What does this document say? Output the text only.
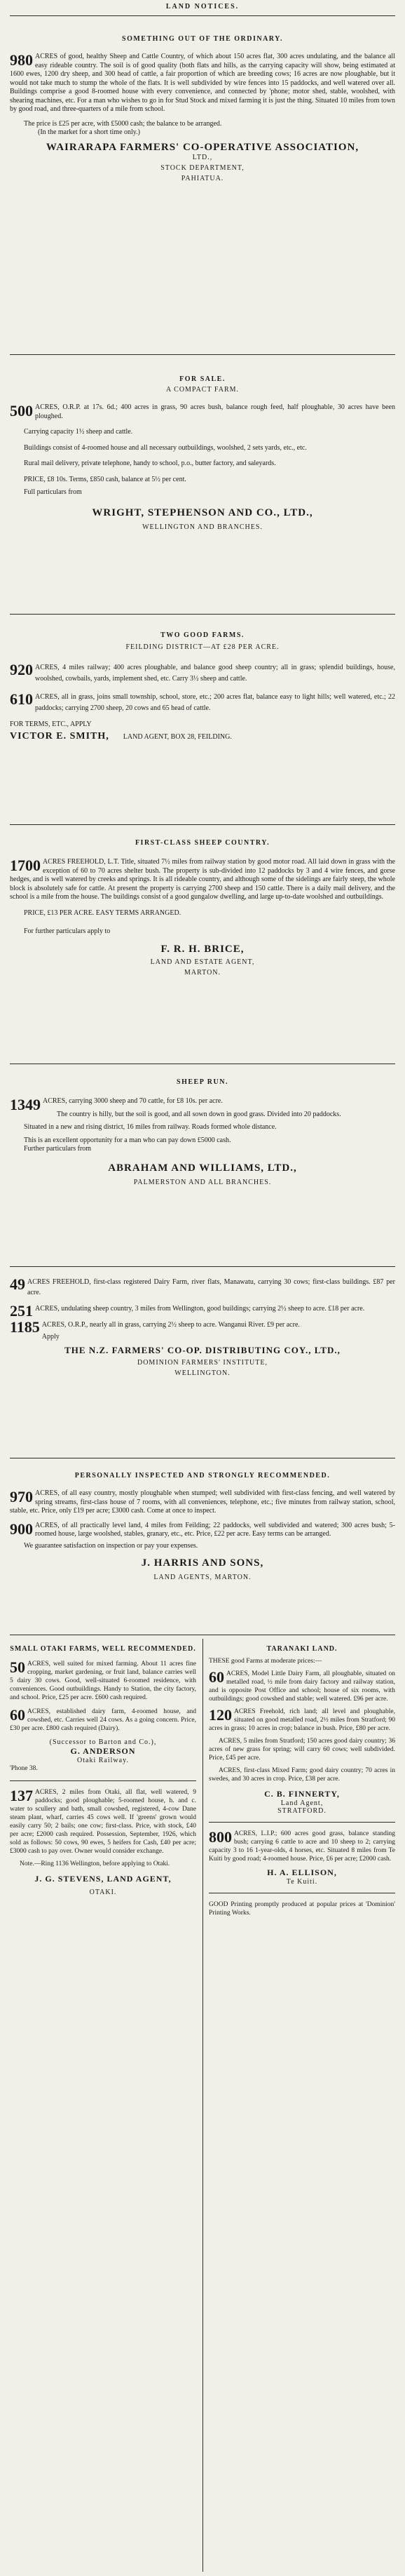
LAND NOTICES.
SOMETHING OUT OF THE ORDINARY.

980 ACRES of good, healthy Sheep and Cattle Country, of which about 150 acres flat, 300 acres undulating, and the balance all easy rideable country. The soil is of good quality (both flats and hills, as the carrying capacity will show, being estimated at 1600 ewes, 1200 dry sheep, and 300 head of cattle, a fair proportion of which are breeding cows; 16 acres are now ploughable, but it would not take much to stump the whole of the flats. It is well subdivided by wire fences into 15 paddocks, and well watered over all. Buildings comprise a good 8-roomed house with every convenience, and connected by 'phone; motor shed, stable, woolshed, with shearing machines, etc. For a man who wishes to go in for Stud Stock and mixed farming it is just the thing. Situated 10 miles from town by good road, and three-quarters of a mile from school.

The price is £25 per acre, with £5000 cash; the balance to be arranged.

(In the market for a short time only.)

WAIRARAPA FARMERS' CO-OPERATIVE ASSOCIATION,
LTD.,
STOCK DEPARTMENT,
PAHIATUA.
FOR SALE.
A COMPACT FARM.

500 ACRES, O.R.P. at 17s. 6d.; 400 acres in grass, 90 acres bush, balance rough feed, half ploughable, 30 acres have been ploughed.

Carrying capacity 1½ sheep and cattle.

Buildings consist of 4-roomed house and all necessary outbuildings, woolshed, 2 sets yards, etc., etc.

Rural mail delivery, private telephone, handy to school, p.o., butter factory, and saleyards.

PRICE, £8 10s. Terms, £850 cash, balance at 5½ per cent.

Full particulars from

WRIGHT, STEPHENSON AND CO., LTD.,
WELLINGTON AND BRANCHES.
TWO GOOD FARMS.
FEILDING DISTRICT—AT £28 PER ACRE.

920 ACRES, 4 miles railway; 400 acres ploughable, and balance good sheep country; all in grass; splendid buildings, house, woolshed, cowbails, yards, implement shed, etc. Carry 3½ sheep and cattle.

610 ACRES, all in grass, joins small township, school, store, etc.; 200 acres flat, balance easy to light hills; well watered, etc.; 22 paddocks; carrying 2700 sheep, 20 cows and 65 head of cattle.

FOR TERMS, ETC., APPLY
VICTOR E. SMITH, LAND AGENT, BOX 28, FEILDING.
FIRST-CLASS SHEEP COUNTRY.

1700 ACRES FREEHOLD, L.T. Title, situated 7½ miles from railway station by good motor road. All laid down in grass with the exception of 60 to 70 acres shelter bush. The property is sub-divided into 12 paddocks by 3 and 4 wire fences, and gorse hedges, and is well watered by creeks and springs. It is all rideable country, and although some of the sidelings are fairly steep, the whole block is absolutely safe for cattle. At present the property is carrying 2700 sheep and 150 cattle. There is a daily mail delivery, and the school is a mile from the house. The buildings consist of a good gungalow dwelling, and large up-to-date woolshed and outbuildings.

PRICE, £13 PER ACRE. EASY TERMS ARRANGED.

For further particulars apply to

F. R. H. BRICE,
LAND AND ESTATE AGENT,
MARTON.
SHEEP RUN.

1349 ACRES, carrying 3000 sheep and 70 cattle, for £8 10s. per acre.

The country is hilly, but the soil is good, and all sown down in good grass. Divided into 20 paddocks.

Situated in a new and rising district, 16 miles from railway. Roads formed whole distance.

This is an excellent opportunity for a man who can pay down £5000 cash.

Further particulars from

ABRAHAM AND WILLIAMS, LTD.,
PALMERSTON AND ALL BRANCHES.

49 ACRES FREEHOLD, first-class registered Dairy Farm, river flats, Manawatu, carrying 30 cows; first-class buildings. £87 per acre.

251 ACRES, undulating sheep country, 3 miles from Wellington, good buildings; carrying 2½ sheep to acre. £18 per acre.

1185 ACRES, O.R.P., nearly all in grass, carrying 2½ sheep to acre. Wanganui River. £9 per acre.

Apply

THE N.Z. FARMERS' CO-OP. DISTRIBUTING COY., LTD.,
DOMINION FARMERS' INSTITUTE,
WELLINGTON.
PERSONALLY INSPECTED AND STRONGLY RECOMMENDED.

970 ACRES, of all easy country, mostly ploughable when stumped; well subdivided with first-class fencing, and well watered by spring streams, first-class house of 7 rooms, with all conveniences, telephone, etc.; five minutes from railway station, school, stable, etc. Price, only £19 per acre; £3000 cash. Come at once to inspect.

900 ACRES, of all practically level land, 4 miles from Feilding; 22 paddocks, well subdivided and watered; 300 acres bush; 5-roomed house, large woolshed, stables, granary, etc., etc. Price, £22 per acre. Easy terms can be arranged.

We guarantee satisfaction on inspection or pay your expenses.

J. HARRIS AND SONS,
LAND AGENTS, MARTON.
SMALL OTAKI FARMS, WELL RECOMMENDED.

50 ACRES, well suited for mixed farming. About 11 acres fine cropping, market gardening, or fruit land, balance carries well 5 dairy 30 cows. Good, well-situated 6-roomed residence, with conveniences. Good outbuildings. Handy to Station, the city factory, and school. Price, £25 per acre. £600 cash required.

60 ACRES, established dairy farm, 4-roomed house, and cowshed, etc. Carries well 24 cows. As a going concern. Price, £30 per acre. £800 cash required (Dairy).

(Successor to Barton and Co.),
G. ANDERSON
Otaki Railway.
'Phone 38.

137 ACRES, 2 miles from Otaki, all flat, well watered, 9 paddocks; good ploughable; 5-roomed house, h. and c. water to scullery and bath, small cowshed, registered, 4-cow Dane steam plant, wharf, carries 45 cows well. If 'greens' grown would easily carry 50; 2 bails; one cow; first-class. Price, with stock, £40 per acre; £2000 cash required. Possession, September, 1926, which sold as follows: 50 cows, 90 ewes, 5 heifers for Cash, £40 per acre; £3000 cash to pay over. Owner would consider exchange.

Note.—Ring 1136 Wellington, before applying to Otaki.

J. G. STEVENS, LAND AGENT,
OTAKI.
TARANAKI LAND.

THESE good Farms at moderate prices:—

60 ACRES, Model Little Dairy Farm, all ploughable, situated on metalled road, ½ mile from dairy factory and railway station, and is opposite Post Office and school; house of six rooms, with outbuildings; good cowshed and stable; well watered. £96 per acre.

120 ACRES Freehold, rich land; all level and ploughable, situated on good metalled road, 2½ miles from Stratford; 90 acres in grass; 10 acres in crop; balance in bush. Price, £80 per acre.

ACRES, 5 miles from Stratford; 150 acres good dairy country; 36 acres of new grass for spring; will carry 60 cows; well subdivided. Price, £45 per acre.

ACRES, first-class Mixed Farm; good dairy country; 70 acres in swedes, and 30 acres in crop. Price, £38 per acre.

C. B. FINNERTY,
Land Agent,
STRATFORD.

800 ACRES, L.I.P.; 600 acres good grass, balance standing bush; carrying 6 cattle to acre and 10 sheep to 2; carrying capacity 3 to 16 1-year-olds, 4 horses, etc. Situated 8 miles from Te Kuiti by good road; 4-roomed house. Price, £6 per acre; £2000 cash.

H. A. ELLISON,
Te Kuiti.

GOOD Printing promptly produced at popular prices at 'Dominion' Printing Works.
